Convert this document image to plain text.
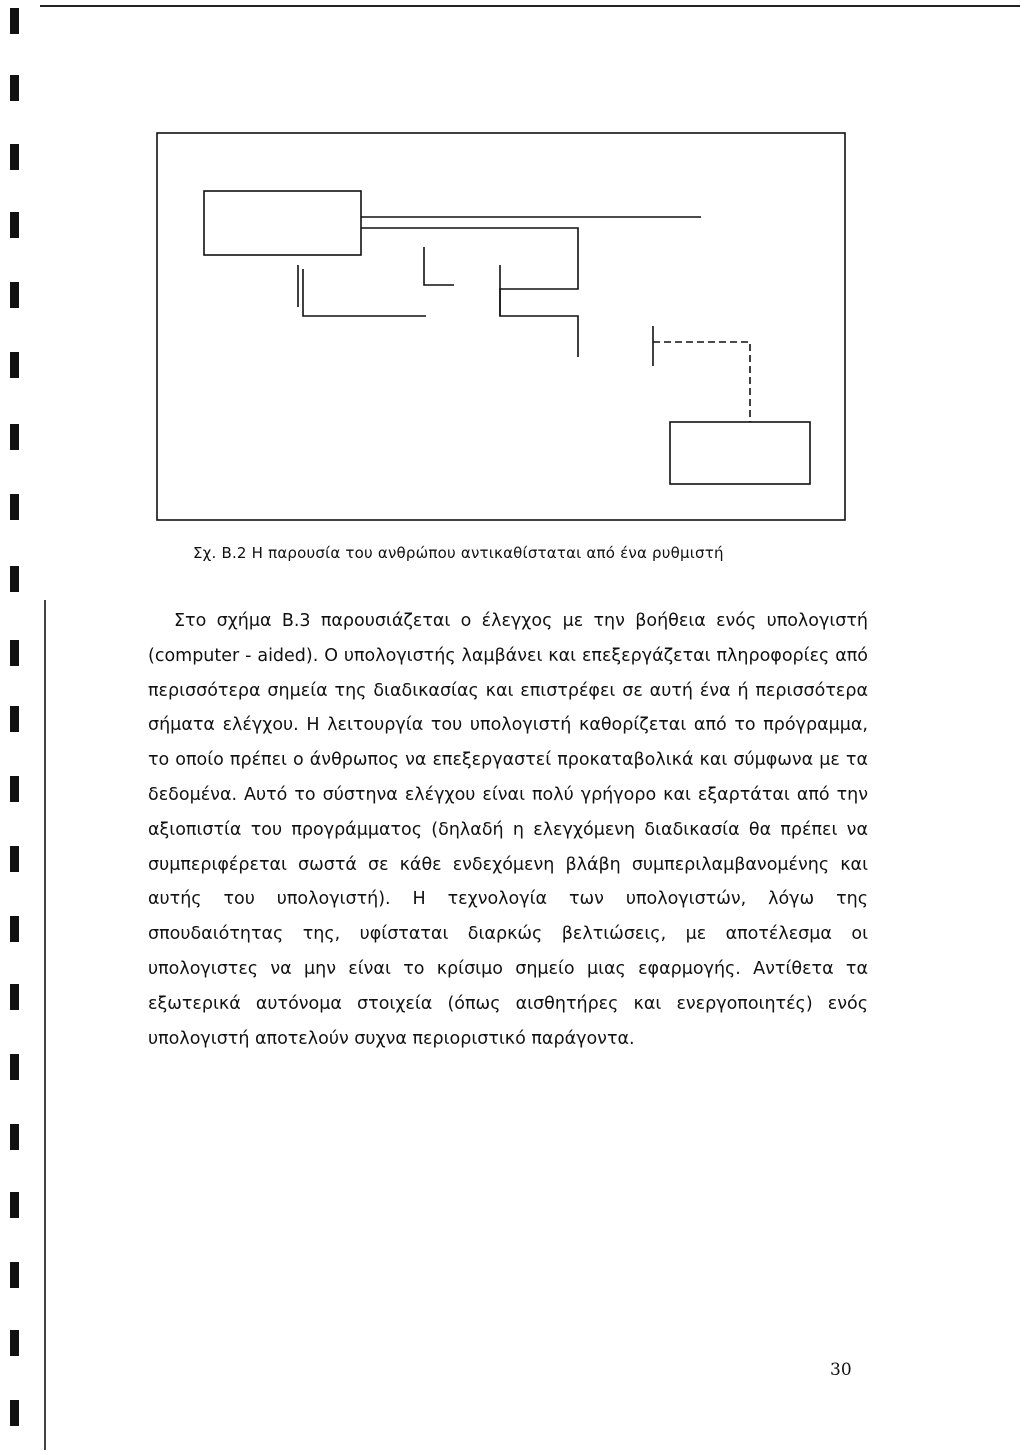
Σχ. Β.2 Η παρουσία του ανθρώπου αντικαθίσταται από ένα ρυθμιστή

Στο σχήμα Β.3 παρουσιάζεται ο έλεγχος με την βοήθεια ενός υπολογιστή (computer - aided). Ο υπολογιστής λαμβάνει και επεξεργάζεται πληροφορίες από περισσότερα σημεία της διαδικασίας και επιστρέφει σε αυτή ένα ή περισσότερα σήματα ελέγχου. Η λειτουργία του υπολογιστή καθορίζεται από το πρόγραμμα, το οποίο πρέπει ο άνθρωπος να επεξεργαστεί προκαταβολικά και σύμφωνα με τα δεδομένα. Αυτό το σύστηνα ελέγχου είναι πολύ γρήγορο και εξαρτάται από την αξιοπιστία του προγράμματος (δηλαδή η ελεγχόμενη διαδικασία θα πρέπει να συμπεριφέρεται σωστά σε κάθε ενδεχόμενη βλάβη συμπεριλαμβανομένης και αυτής του υπολογιστή). Η τεχνολογία των υπολογιστών, λόγω της σπουδαιότητας της, υφίσταται διαρκώς βελτιώσεις, με αποτέλεσμα οι υπολογιστες να μην είναι το κρίσιμο σημείο μιας εφαρμογής. Αντίθετα τα εξωτερικά αυτόνομα στοιχεία (όπως αισθητήρες και ενεργοποιητές) ενός υπολογιστή αποτελούν συχνα περιοριστικό παράγοντα.

30
